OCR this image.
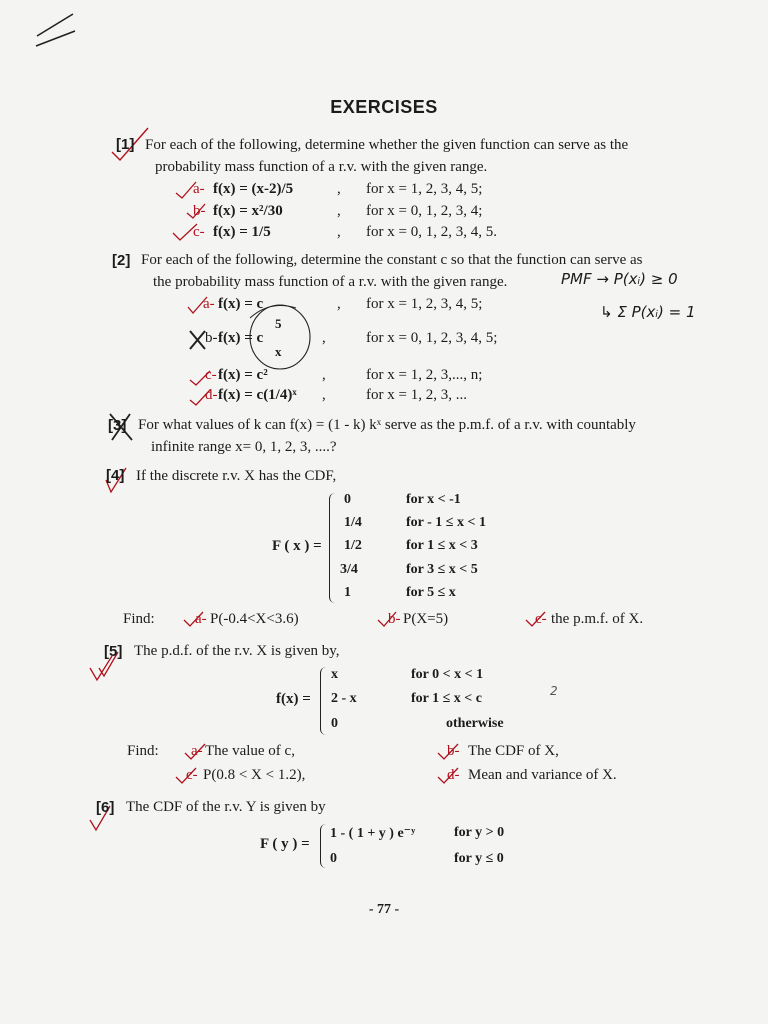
EXERCISES
[1] For each of the following, determine whether the given function can serve as the
probability mass function of a r.v. with the given range.
a- f(x) = (x-2)/5	, for x = 1, 2, 3, 4, 5;
b- f(x) = x²/30	, for x = 0, 1, 2, 3, 4;
c- f(x) = 1/5	, for x = 0, 1, 2, 3, 4, 5.
[2] For each of the following, determine the constant c so that the function can serve as
the probability mass function of a r.v. with the given range.	PMF → P(xᵢ) ≥ 0
↳ Σ P(xᵢ) = 1
a- f(x) = c	, for x = 1, 2, 3, 4, 5;
b- f(x) = c
5
x
,	for x = 0, 1, 2, 3, 4, 5;
c- f(x) = c²	,	for x = 1, 2, 3,..., n;
d- f(x) = c(1/4)ˣ ,	for x = 1, 2, 3, ...
[3] For what values of k can f(x) = (1 - k) kˣ serve as the p.m.f. of a r.v. with countably
infinite range x= 0, 1, 2, 3, ....?
[4] If the discrete r.v. X has the CDF,
F ( x ) =
0	for x < -1
1/4	for - 1 ≤ x < 1
1/2	for 1 ≤ x < 3
3/4	for 3 ≤ x < 5
1	for 5 ≤ x
Find:	a- P(-0.4<X<3.6)	b- P(X=5)	c- the p.m.f. of X.
[5] The p.d.f. of the r.v. X is given by,
f(x) =
x	for 0 < x < 1
2 - x	for 1 ≤ x < c	2
0	otherwise
Find: a- The value of c,	b- The CDF of X,
c- P(0.8 < X < 1.2),	d- Mean and variance of X.
[6] The CDF of the r.v. Y is given by
F ( y ) =
1 - ( 1 + y ) e⁻ʸ	for y > 0
0	for y ≤ 0
- 77 -
